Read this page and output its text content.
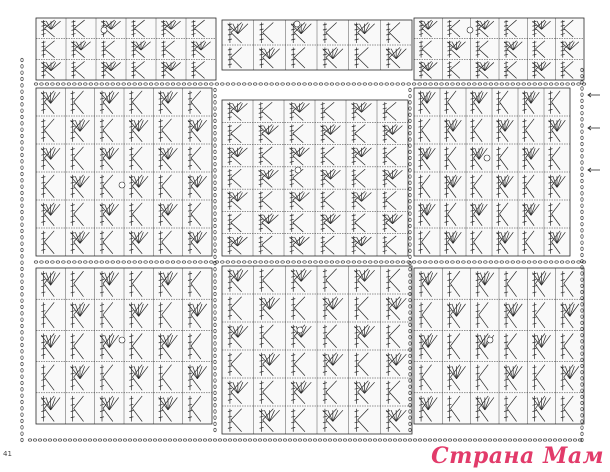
41	Страна Мам
